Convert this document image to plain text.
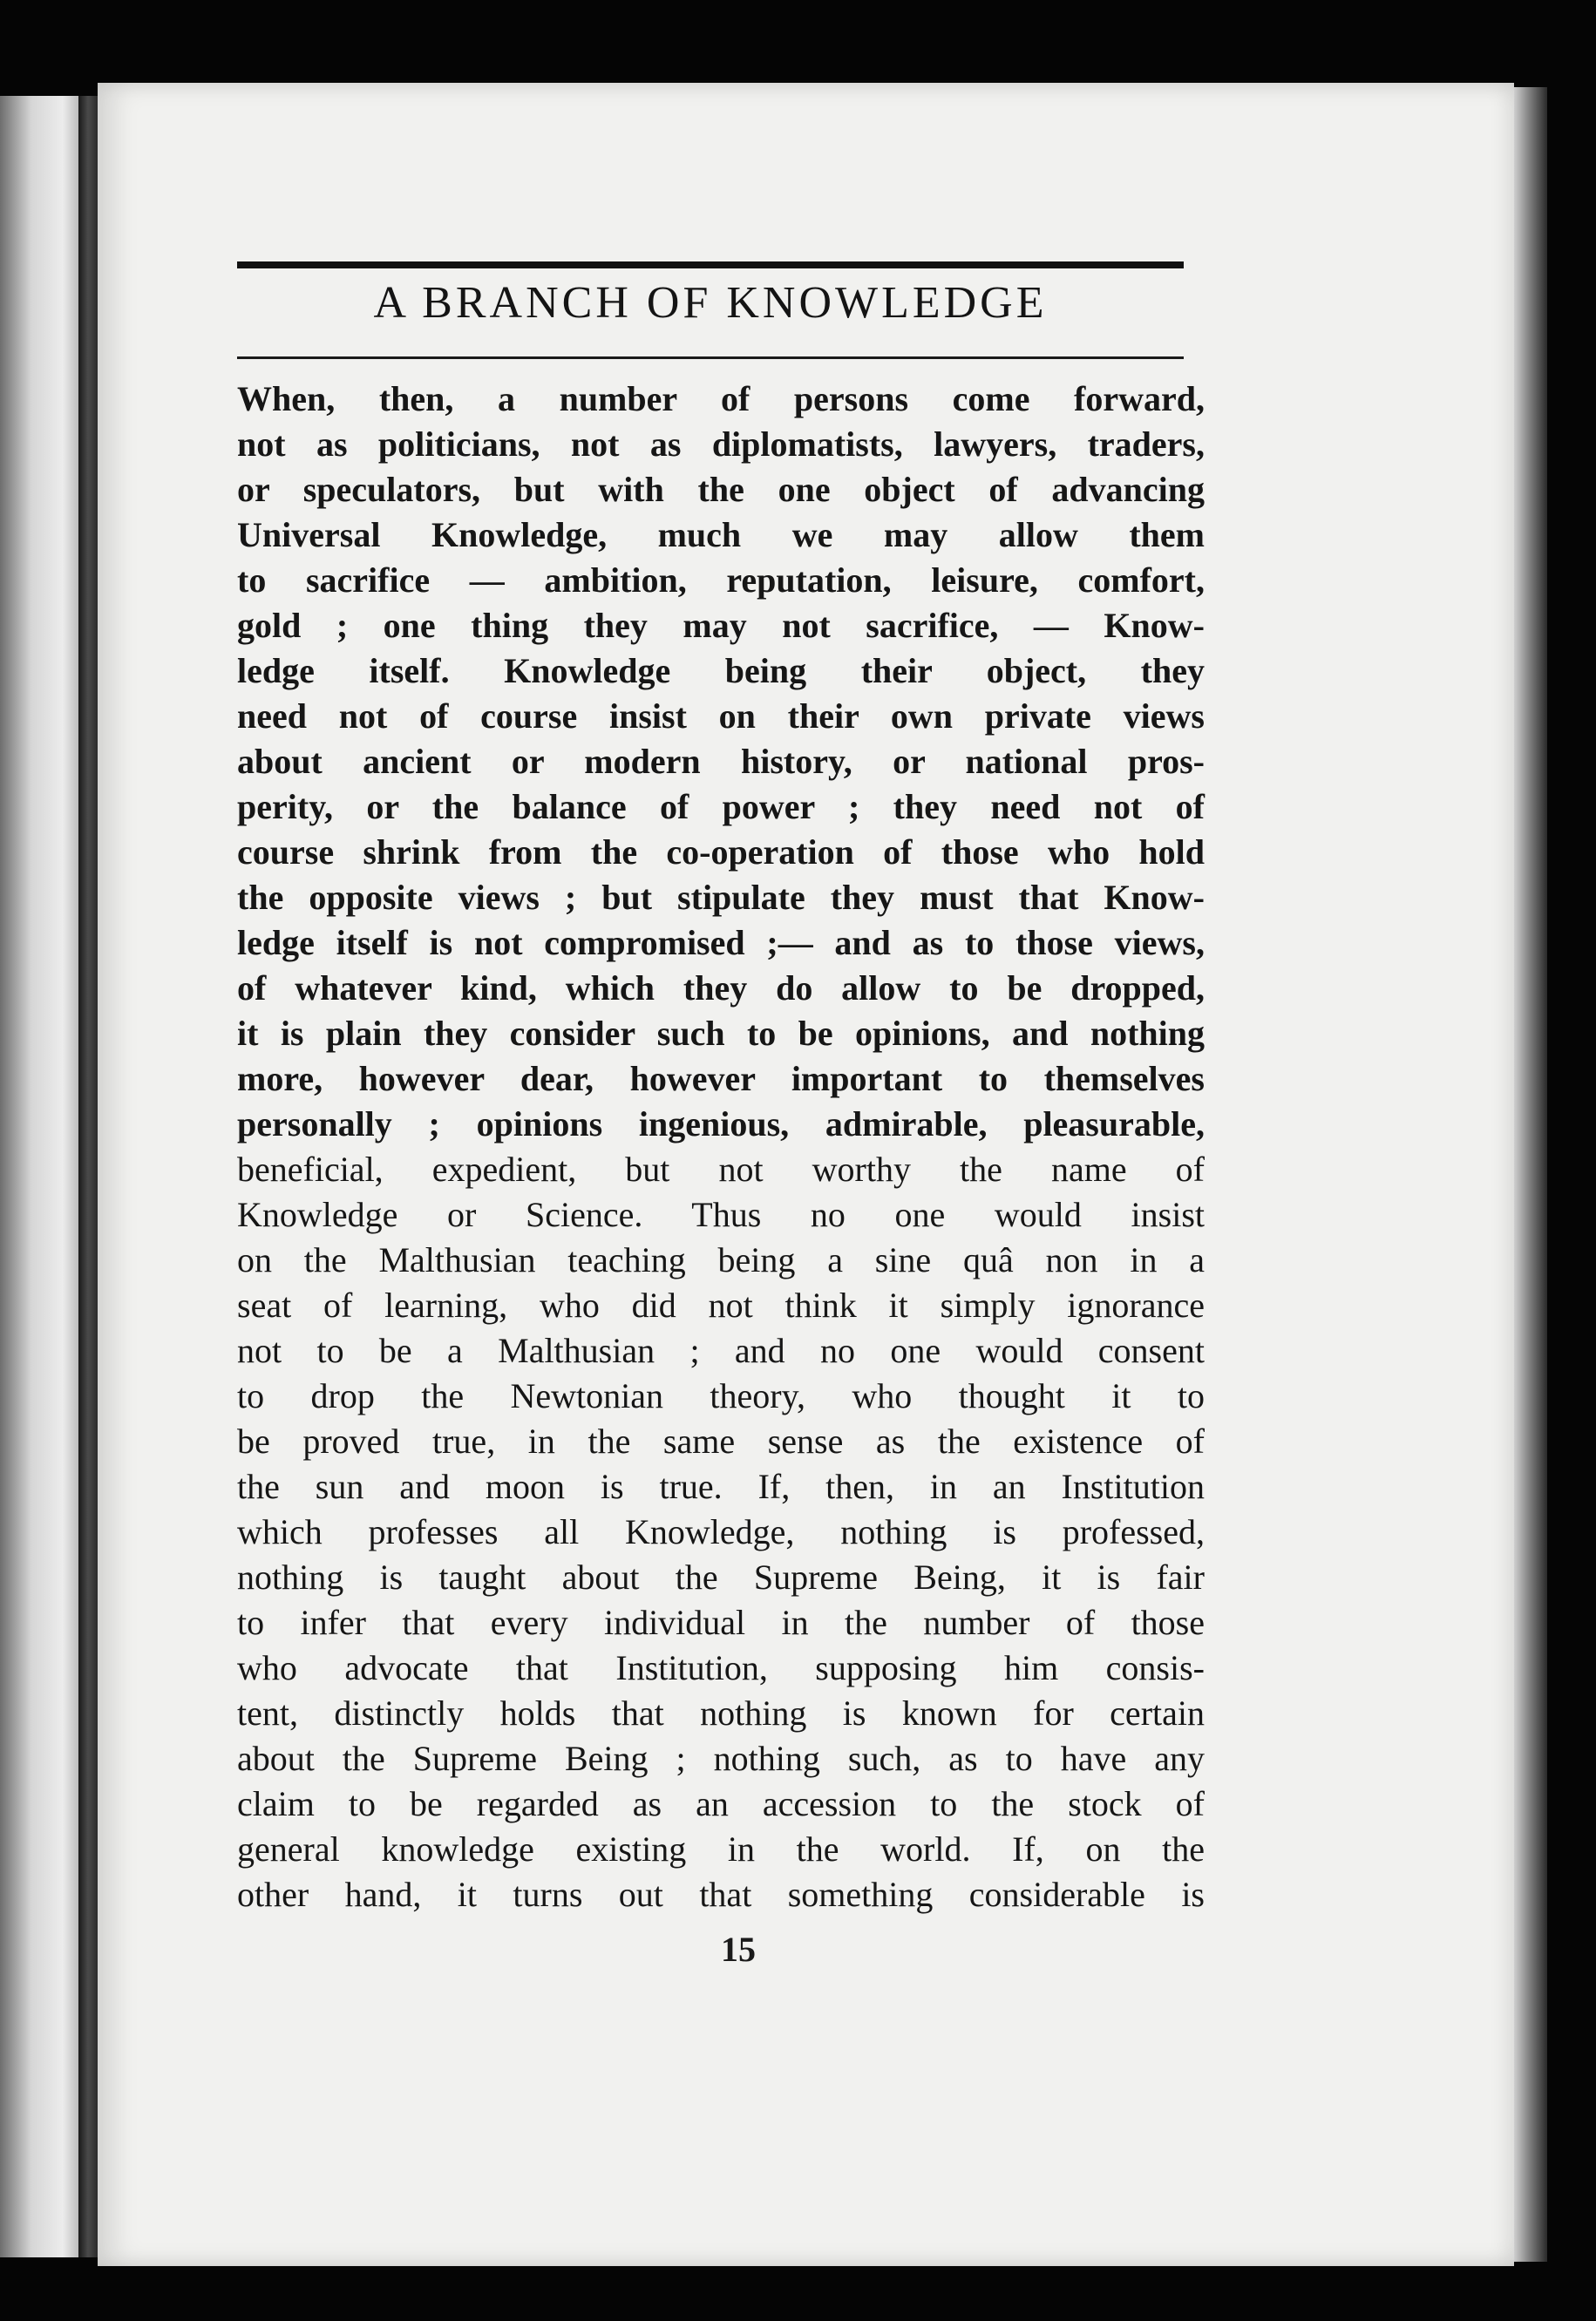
A BRANCH OF KNOWLEDGE
When, then, a number of persons come forward,
not as politicians, not as diplomatists, lawyers, traders,
or speculators, but with the one object of advancing
Universal Knowledge, much we may allow them
to sacrifice — ambition, reputation, leisure, comfort,
gold ; one thing they may not sacrifice, — Know-
ledge itself. Knowledge being their object, they
need not of course insist on their own private views
about ancient or modern history, or national pros-
perity, or the balance of power ; they need not of
course shrink from the co-operation of those who hold
the opposite views ; but stipulate they must that Know-
ledge itself is not compromised ;— and as to those views,
of whatever kind, which they do allow to be dropped,
it is plain they consider such to be opinions, and nothing
more, however dear, however important to themselves
personally ; opinions ingenious, admirable, pleasurable,
beneficial, expedient, but not worthy the name of
Knowledge or Science. Thus no one would insist
on the Malthusian teaching being a sine quâ non in a
seat of learning, who did not think it simply ignorance
not to be a Malthusian ; and no one would consent
to drop the Newtonian theory, who thought it to
be proved true, in the same sense as the existence of
the sun and moon is true. If, then, in an Institution
which professes all Knowledge, nothing is professed,
nothing is taught about the Supreme Being, it is fair
to infer that every individual in the number of those
who advocate that Institution, supposing him consis-
tent, distinctly holds that nothing is known for certain
about the Supreme Being ; nothing such, as to have any
claim to be regarded as an accession to the stock of
general knowledge existing in the world. If, on the
other hand, it turns out that something considerable is
15
